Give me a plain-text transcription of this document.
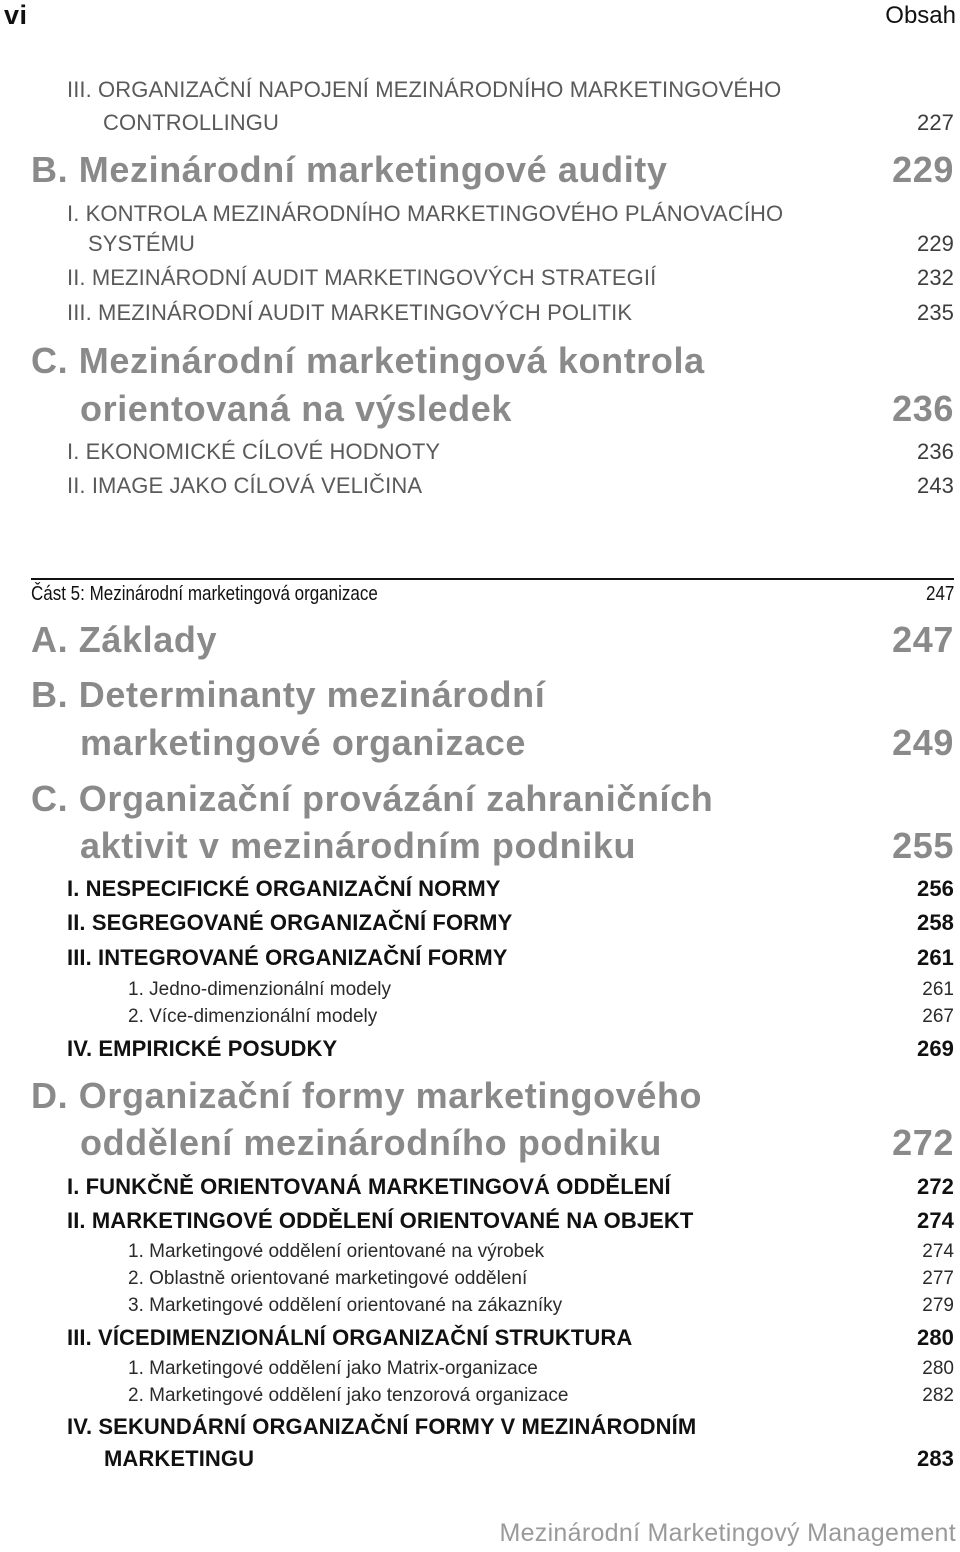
vi	Obsah
III. ORGANIZAČNÍ NAPOJENÍ MEZINÁRODNÍHO MARKETINGOVÉHO
CONTROLLINGU	227
B. Mezinárodní marketingové audity	229
I. KONTROLA MEZINÁRODNÍHO MARKETINGOVÉHO PLÁNOVACÍHO
SYSTÉMU	229
II. MEZINÁRODNÍ AUDIT MARKETINGOVÝCH STRATEGIÍ	232
III. MEZINÁRODNÍ AUDIT MARKETINGOVÝCH POLITIK	235
C. Mezinárodní marketingová kontrola
orientovaná na výsledek	236
I. EKONOMICKÉ CÍLOVÉ HODNOTY	236
II. IMAGE JAKO CÍLOVÁ VELIČINA	243
Část 5: Mezinárodní marketingová organizace	247
A. Základy	247
B. Determinanty mezinárodní
marketingové organizace	249
C. Organizační provázání zahraničních
aktivit v mezinárodním podniku	255
I. NESPECIFICKÉ ORGANIZAČNÍ NORMY	256
II. SEGREGOVANÉ ORGANIZAČNÍ FORMY	258
III. INTEGROVANÉ ORGANIZAČNÍ FORMY	261
1. Jedno-dimenzionální modely	261
2. Více-dimenzionální modely	267
IV. EMPIRICKÉ POSUDKY	269
D. Organizační formy marketingového
oddělení mezinárodního podniku	272
I. FUNKČNĚ ORIENTOVANÁ MARKETINGOVÁ ODDĚLENÍ	272
II. MARKETINGOVÉ ODDĚLENÍ ORIENTOVANÉ NA OBJEKT	274
1. Marketingové oddělení orientované na výrobek	274
2. Oblastně orientované marketingové oddělení	277
3. Marketingové oddělení orientované na zákazníky	279
III. VÍCEDIMENZIONÁLNÍ ORGANIZAČNÍ STRUKTURA	280
1. Marketingové oddělení jako Matrix-organizace	280
2. Marketingové oddělení jako tenzorová organizace	282
IV. SEKUNDÁRNÍ ORGANIZAČNÍ FORMY V MEZINÁRODNÍM
MARKETINGU	283
Mezinárodní Marketingový Management
